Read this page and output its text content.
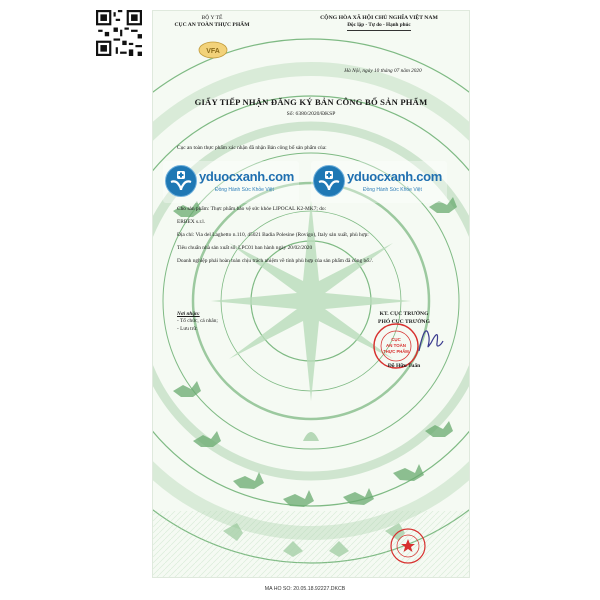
BỘ Y TẾ
CỤC AN TOÀN THỰC PHẨM
VFA
CỘNG HÒA XÃ HỘI CHỦ NGHĨA VIỆT NAM
Độc lập - Tự do - Hạnh phúc
Hà Nội, ngày 10 tháng 07 năm 2020
GIẤY TIẾP NHẬN ĐĂNG KÝ BẢN CÔNG BỐ SẢN PHẨM
Số: 6380/2020/ĐKSP
Cục an toàn thực phẩm xác nhận đã nhận Bản công bố sản phẩm của:
yduocxanh.com
Đồng Hành Sức Khỏe Việt
yduocxanh.com
Đồng Hành Sức Khỏe Việt
Cho sản phẩm: Thực phẩm bảo vệ sức khỏe LIPOCAL K2-MK7; do:
ERBEX s.r.l.
Địa chỉ: Via del Laghetto n.110, 45021 Badia Polesine (Rovigo), Italy sản xuất, phù hợp:
Tiêu chuẩn nhà sản xuất số: LPC01 ban hành ngày 20/02/2020
Doanh nghiệp phải hoàn toàn chịu trách nhiệm về tính phù hợp của sản phẩm đã công bố./.
Nơi nhận:
- Tổ chức, cá nhân;
- Lưu trữ.
KT. CỤC TRƯỞNG
PHÓ CỤC TRƯỞNG
CỤC
AN TOÀN
THỰC PHẨM
Đỗ Hữu Tuấn
MA HO SO: 20.05.18.92227.DKCB
